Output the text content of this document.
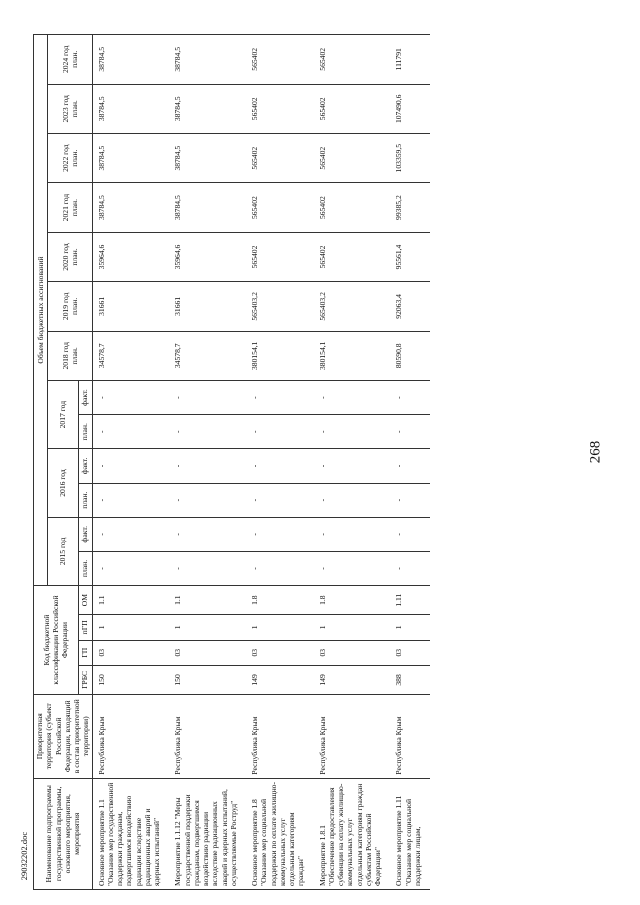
268
29032202.doc Наименование подпрограммы государственной программы, основного мероприятия, мероприятия	Приоритетная территория (субъект Российской Федерации, входящий в состав приоритетной территории)	Код бюджетной классификации Российской Федерации				Объем бюджетных ассигнований												
						2015 год		2016 год		2017 год		2018 год план.	2019 год план.	2020 год план.	2021 год план.	2022 год план.	2023 год план.	2024 год план.
		ГРБС	ГП	пГП	ОМ	план.	факт.	план.	факт.	план.	факт.							
Основное мероприятие 1.1 "Оказание мер государственной поддержки гражданам, подвергшимся воздействию радиации вследствие радиационных аварий и ядерных испытаний"	Республика Крым	150	03	1	1.1	-	-	-	-	-	-	34578,7	31661	35964,6	38784,5	38784,5	38784,5	38784,5
Мероприятие 1.1.12 "Меры государственной поддержки гражданам, подвергшимся воздействию радиации вследствие радиационных аварий и ядерных испытаний, осуществляемые Роструд"	Республика Крым	150	03	1	1.1	-	-	-	-	-	-	34578,7	31661	35964,6	38784,5	38784,5	38784,5	38784,5
Основное мероприятие 1.8 "Оказание мер социальной поддержки по оплате жилищно-коммунальных услуг отдельным категориям граждан"	Республика Крым	149	03	1	1.8	-	-	-	-	-	-	380154,1	565403,2	565402	565402	565402	565402	565402
Мероприятие 1.8.1 "Обеспечение предоставления субвенции на оплату жилищно-коммунальных услуг отдельным категориям граждан субъектам Российской Федерации"	Республика Крым	149	03	1	1.8	-	-	-	-	-	-	380154,1	565403,2	565402	565402	565402	565402	565402
Основное мероприятие 1.11 "Оказание мер социальной поддержки лицам,	Республика Крым	388	03	1	1.11	-	-	-	-	-	-	80590,8	92063,4	95561,4	99385,2	103359,5	107490,6	111791
